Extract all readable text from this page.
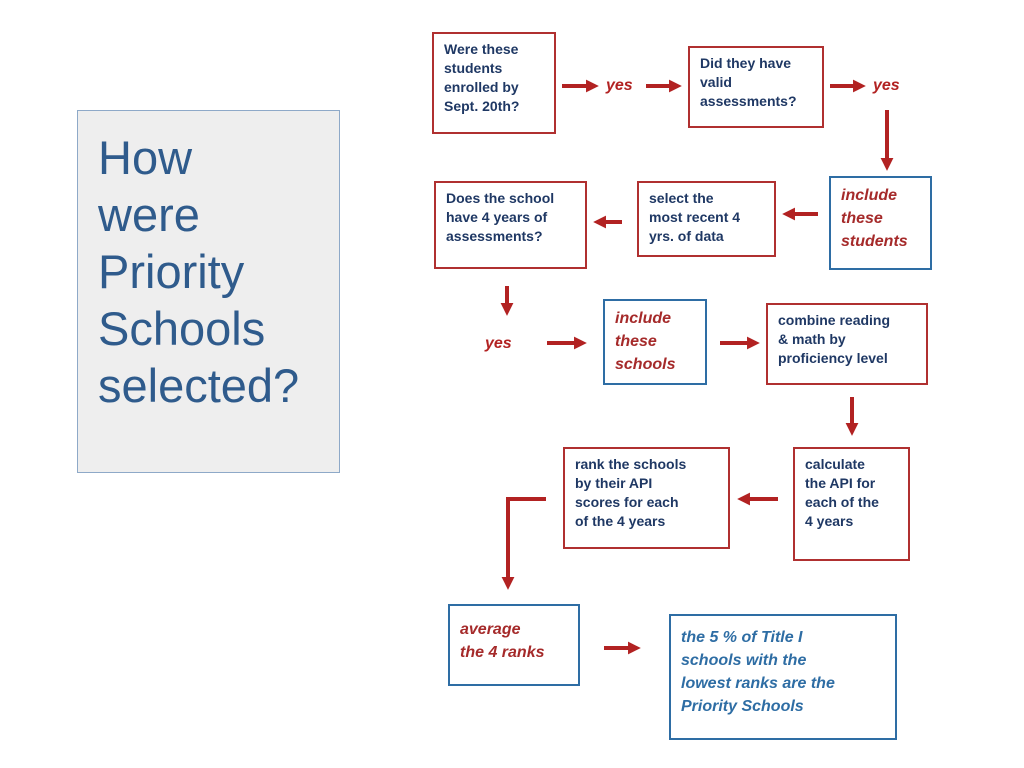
How
were
Priority
Schools
selected?
Were these
students
enrolled by
Sept. 20th?
yes
Did they have
valid
assessments?
yes
include
these
students
select the
most recent 4
yrs. of data
Does the school
have 4 years of
assessments?
yes
include
these
schools
combine reading
& math by
proficiency level
calculate
the API for
each of the
4 years
rank the schools
by their API
scores for each
of the 4 years
average
the 4 ranks
the 5 % of Title I
schools with the
lowest ranks are the
Priority Schools
